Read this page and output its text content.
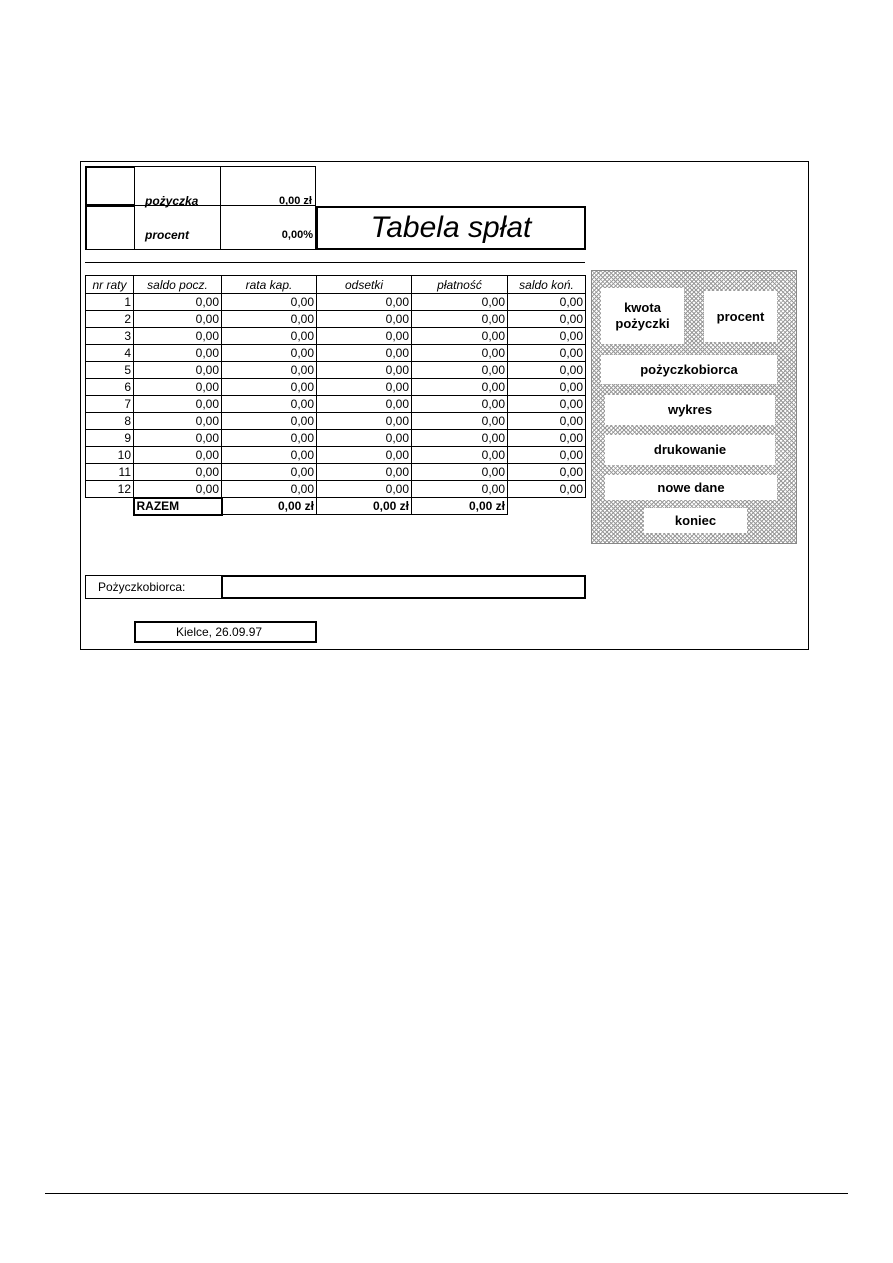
pożyczka	0,00 zł
procent	0,00%	Tabela spłat
nr raty	saldo pocz.	rata kap.	odsetki	płatność	saldo koń.
1	0,00	0,00	0,00	0,00	0,00
2	0,00	0,00	0,00	0,00	0,00
3	0,00	0,00	0,00	0,00	0,00
4	0,00	0,00	0,00	0,00	0,00
5	0,00	0,00	0,00	0,00	0,00
6	0,00	0,00	0,00	0,00	0,00
7	0,00	0,00	0,00	0,00	0,00
8	0,00	0,00	0,00	0,00	0,00
9	0,00	0,00	0,00	0,00	0,00
10	0,00	0,00	0,00	0,00	0,00
11	0,00	0,00	0,00	0,00	0,00
12	0,00	0,00	0,00	0,00	0,00
	RAZEM	0,00 zł	0,00 zł	0,00 zł	
kwota
pożyczki	procent
pożyczkobiorca
wykres
drukowanie
nowe dane
koniec
Pożyczkobiorca:
Kielce, 26.09.97
